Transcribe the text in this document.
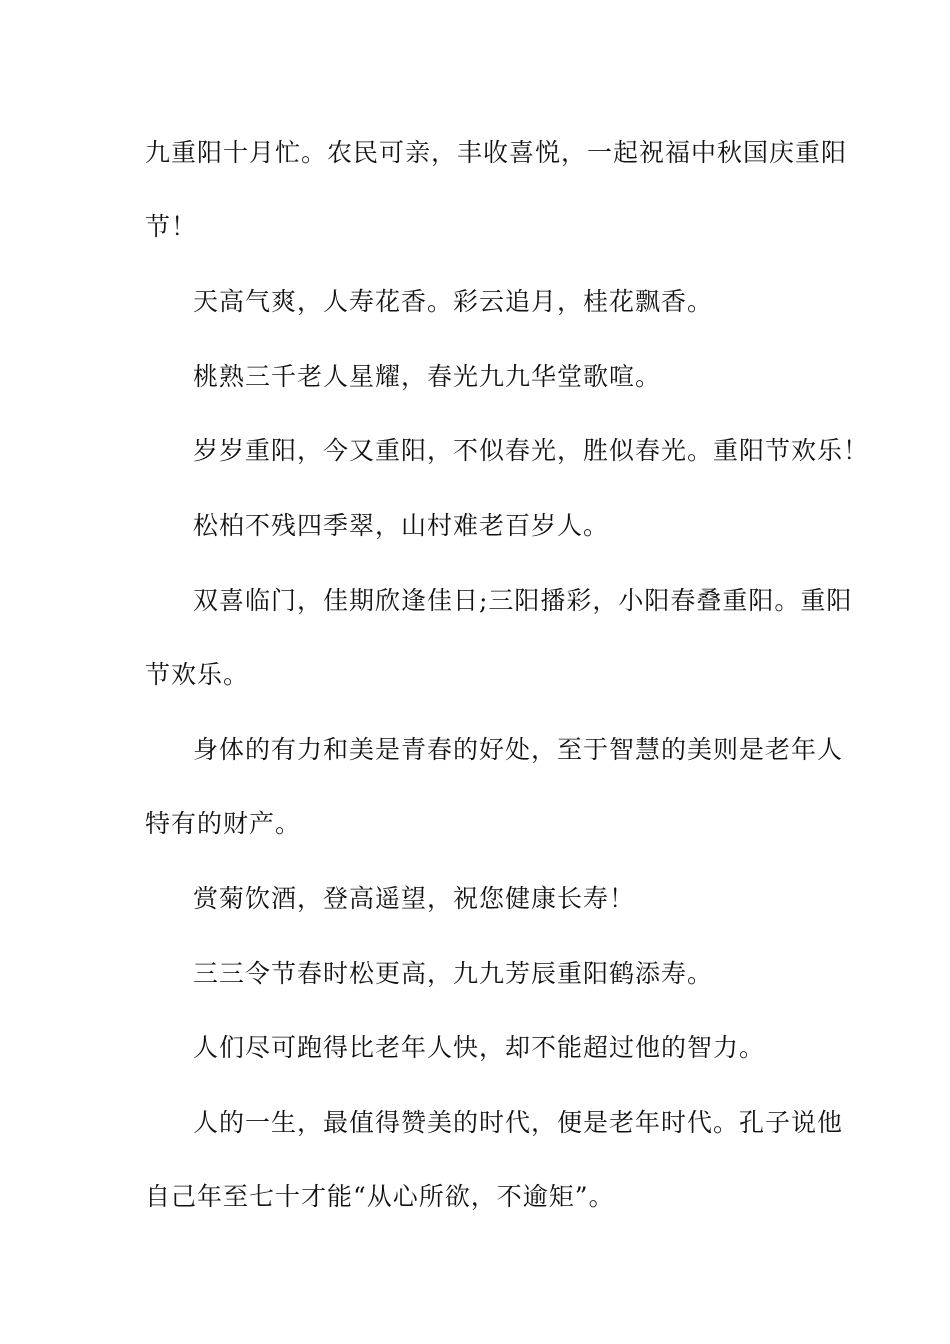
九重阳十月忙。农民可亲，丰收喜悦，一起祝福中秋国庆重阳
节！
天高气爽，人寿花香。彩云追月，桂花飘香。
桃熟三千老人星耀，春光九九华堂歌喧。
岁岁重阳，今又重阳，不似春光，胜似春光。重阳节欢乐！
松柏不残四季翠，山村难老百岁人。
双喜临门，佳期欣逢佳日;三阳播彩，小阳春叠重阳。重阳
节欢乐。
身体的有力和美是青春的好处，至于智慧的美则是老年人
特有的财产。
赏菊饮酒，登高遥望，祝您健康长寿！
三三令节春时松更高，九九芳辰重阳鹤添寿。
人们尽可跑得比老年人快，却不能超过他的智力。
人的一生，最值得赞美的时代，便是老年时代。孔子说他
自己年至七十才能“从心所欲，不逾矩”。
